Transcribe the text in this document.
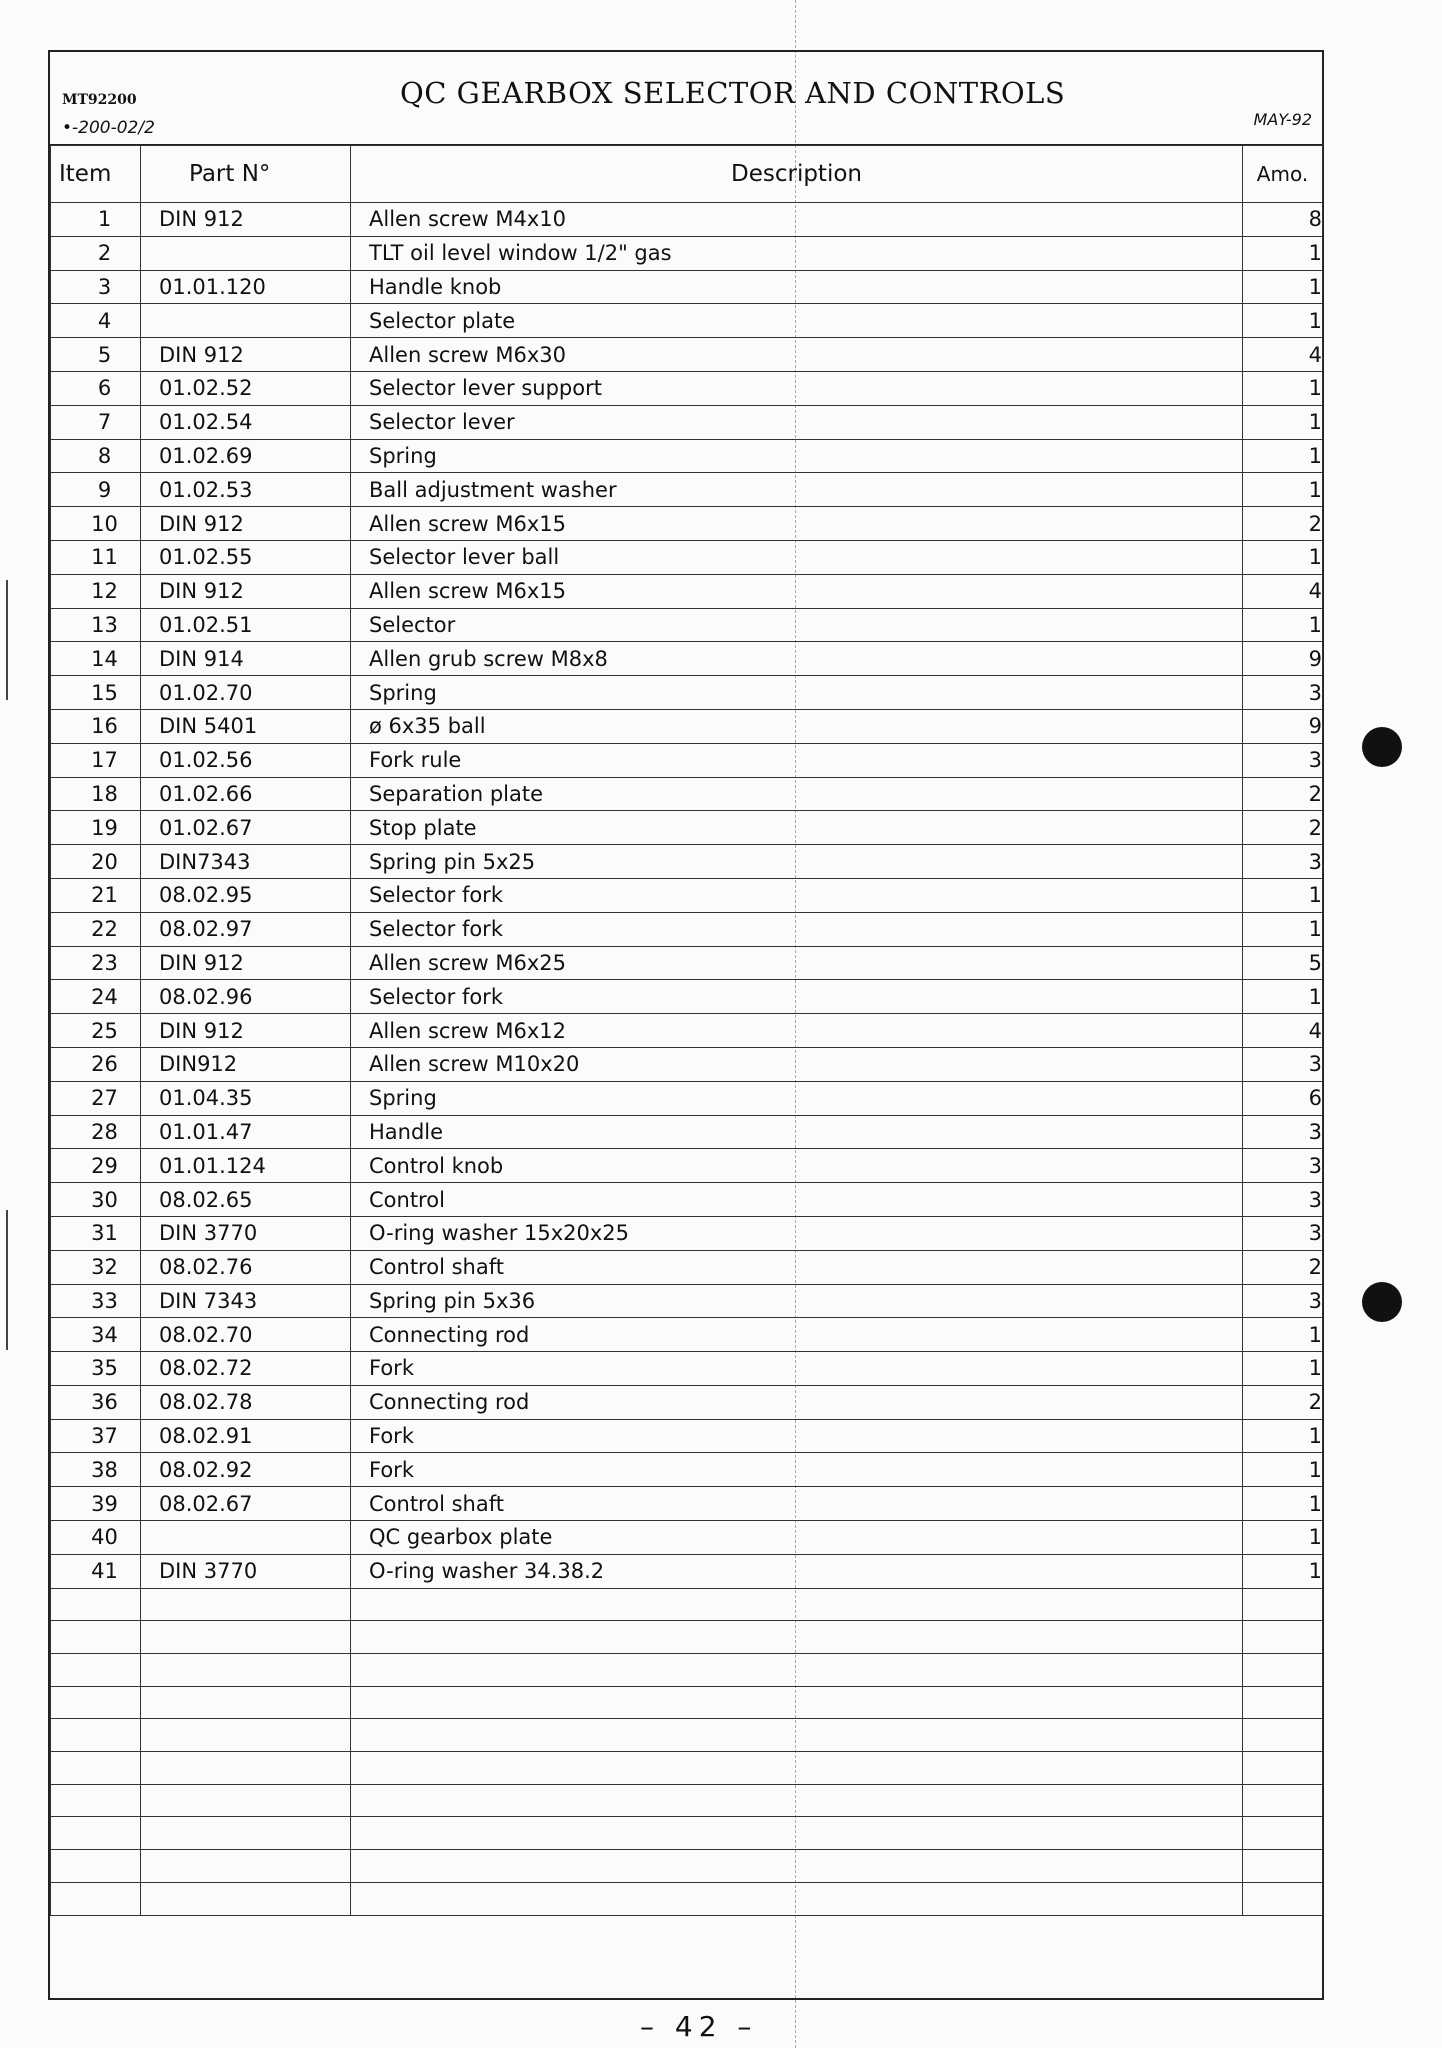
MT92200
•-200-02/2
QC GEARBOX SELECTOR AND CONTROLS
MAY-92
Item	Part N°	Description	Amo.
1	DIN 912	Allen screw M4x10	8
2		TLT oil level window 1/2" gas	1
3	01.01.120	Handle knob	1
4		Selector plate	1
5	DIN 912	Allen screw M6x30	4
6	01.02.52	Selector lever support	1
7	01.02.54	Selector lever	1
8	01.02.69	Spring	1
9	01.02.53	Ball adjustment washer	1
10	DIN 912	Allen screw M6x15	2
11	01.02.55	Selector lever ball	1
12	DIN 912	Allen screw M6x15	4
13	01.02.51	Selector	1
14	DIN 914	Allen grub screw M8x8	9
15	01.02.70	Spring	3
16	DIN 5401	ø 6x35 ball	9
17	01.02.56	Fork rule	3
18	01.02.66	Separation plate	2
19	01.02.67	Stop plate	2
20	DIN7343	Spring pin 5x25	3
21	08.02.95	Selector fork	1
22	08.02.97	Selector fork	1
23	DIN 912	Allen screw M6x25	5
24	08.02.96	Selector fork	1
25	DIN 912	Allen screw M6x12	4
26	DIN912	Allen screw M10x20	3
27	01.04.35	Spring	6
28	01.01.47	Handle	3
29	01.01.124	Control knob	3
30	08.02.65	Control	3
31	DIN 3770	O-ring washer 15x20x25	3
32	08.02.76	Control shaft	2
33	DIN 7343	Spring pin 5x36	3
34	08.02.70	Connecting rod	1
35	08.02.72	Fork	1
36	08.02.78	Connecting rod	2
37	08.02.91	Fork	1
38	08.02.92	Fork	1
39	08.02.67	Control shaft	1
40		QC gearbox plate	1
41	DIN 3770	O-ring washer 34.38.2	1

– 42 –
